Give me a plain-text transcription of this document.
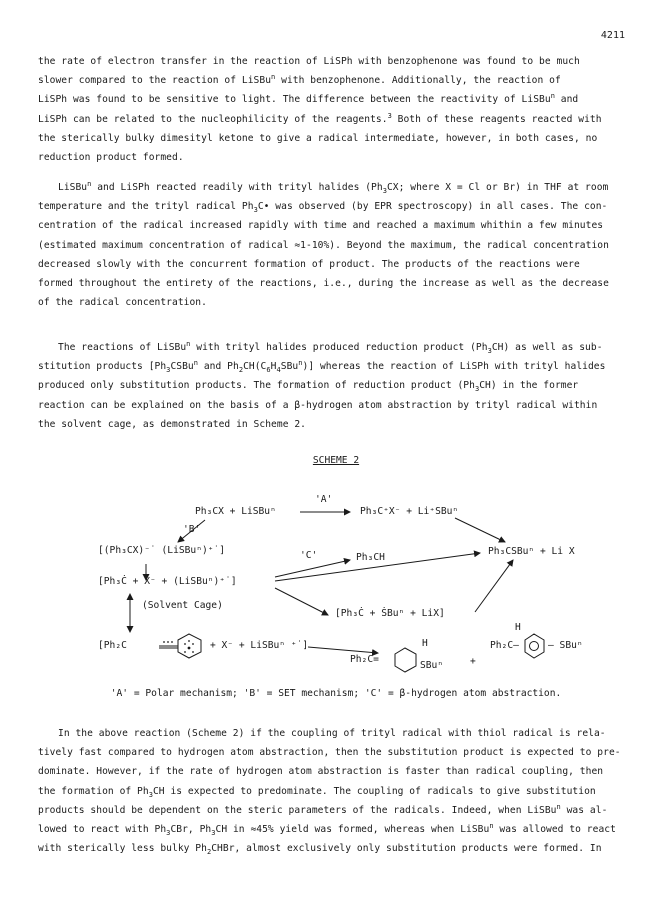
4211
the rate of electron transfer in the reaction of LiSPh with benzophenone was found to be much
slower compared to the reaction of LiSBu$^n$ with benzophenone. Additionally, the reaction of
LiSPh was found to be sensitive to light. The difference between the reactivity of LiSBu$^n$ and
LiSPh can be related to the nucleophilicity of the reagents.$^3$ Both of these reagents reacted with
the sterically bulky dimesityl ketone to give a radical intermediate, however, in both cases, no
reduction product formed.
LiSBu$^n$ and LiSPh reacted readily with trityl halides ($Ph_3CX$; where X = Cl or Br) in THF at room
temperature and the trityl radical $Ph_3C•$ was observed (by EPR spectroscopy) in all cases. The con-
centration of the radical increased rapidly with time and reached a maximum whithin a few minutes
(estimated maximum concentration of radical ≈1-10%). Beyond the maximum, the radical concentration
decreased slowly with the concurrent formation of product. The products of the reactions were
formed throughout the entirety of the reactions, i.e., during the increase as well as the decrease
of the radical concentration.
The reactions of LiSBu$^n$ with trityl halides produced reduction product $(Ph_3CH)$ as well as sub-
stitution products [$Ph_3CSBu^n$ and $Ph_2CH(C_6H_4SBu^n)$] whereas the reaction of LiSPh with trityl halides
produced only substitution products. The formation of reduction product $(Ph_3CH)$ in the former
reaction can be explained on the basis of a β-hydrogen atom abstraction by trityl radical within
the solvent cage, as demonstrated in Scheme 2.
SCHEME 2
Ph₃CX + LiSBuⁿ
'A'
Ph₃C⁺X⁻ + Li⁺SBuⁿ
'B'
[(Ph₃CX)⁻˙ (LiSBuⁿ)⁺˙]	'C'	Ph₃CH
Ph₃CSBuⁿ + Li X
[Ph₃Ċ + X⁻ + (LiSBuⁿ)⁺˙]
[Ph₃Ċ + ṠBuⁿ + LiX]
(Solvent Cage)
[Ph₂C	+ X⁻ + LiSBuⁿ ⁺˙]	H
H
Ph₂C=
SBuⁿ	+
Ph₂C–	– SBuⁿ
'A' = Polar mechanism; 'B' = SET mechanism; 'C' = β-hydrogen atom abstraction.
In the above reaction (Scheme 2) if the coupling of trityl radical with thiol radical is rela-
tively fast compared to hydrogen atom abstraction, then the substitution product is expected to pre-
dominate. However, if the rate of hydrogen atom abstraction is faster than radical coupling, then
the formation of $Ph_3CH$ is expected to predominate. The coupling of radicals to give substitution
products should be dependent on the steric parameters of the radicals. Indeed, when LiSBu$^n$ was al-
lowed to react with $Ph_3CBr$, $Ph_3CH$ in ≈45% yield was formed, whereas when LiSBu$^n$ was allowed to react
with sterically less bulky $Ph_2CHBr$, almost exclusively only substitution products were formed. In
